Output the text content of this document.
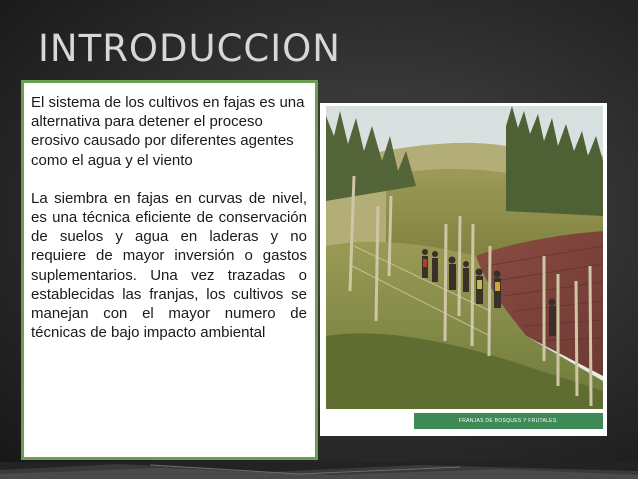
INTRODUCCION

El sistema de los cultivos en fajas es una alternativa para detener el proceso erosivo causado por diferentes agentes como el agua y el viento

La siembra en fajas en curvas de nivel, es una técnica eficiente de conservación de suelos y agua en laderas y no requiere de mayor inversión o gastos suplementarios. Una vez trazadas o establecidas las franjas, los cultivos se manejan con el mayor numero de técnicas de bajo impacto ambiental

FRANJAS DE BOSQUES Y FRUTALES.
